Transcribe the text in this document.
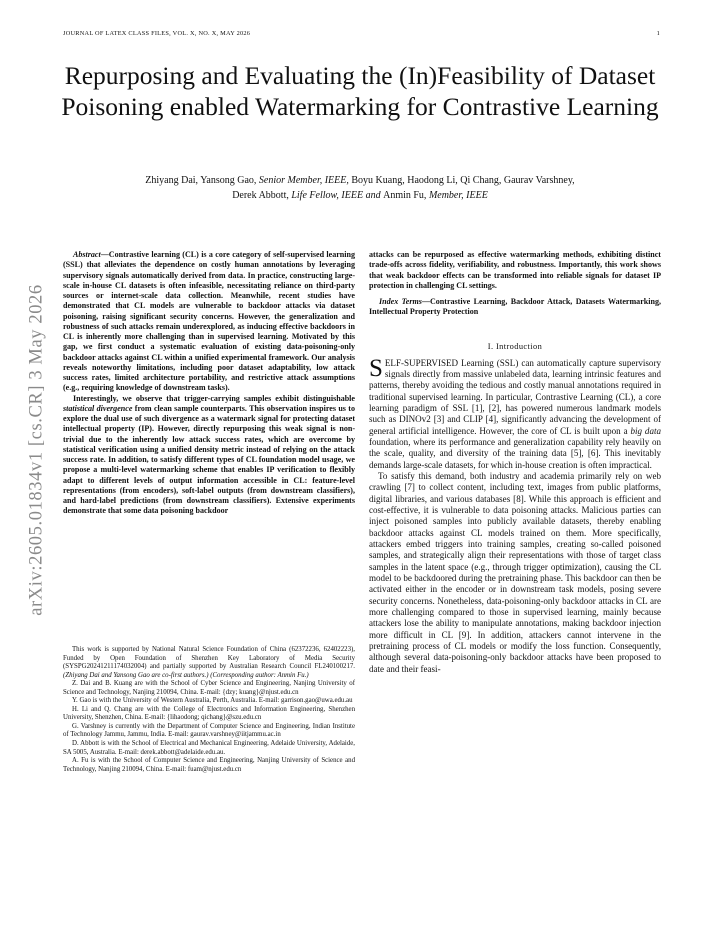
JOURNAL OF LATEX CLASS FILES, VOL. X, NO. X, MAY 2026	1
Repurposing and Evaluating the (In)Feasibility of Dataset Poisoning enabled Watermarking for Contrastive Learning
Zhiyang Dai, Yansong Gao, Senior Member, IEEE, Boyu Kuang, Haodong Li, Qi Chang, Gaurav Varshney,
Derek Abbott, Life Fellow, IEEE and Anmin Fu, Member, IEEE
arXiv:2605.01834v1 [cs.CR] 3 May 2026

Abstract—Contrastive learning (CL) is a core category of self-supervised learning (SSL) that alleviates the dependence on costly human annotations by leveraging supervisory signals automatically derived from data. In practice, constructing large-scale in-house CL datasets is often infeasible, necessitating reliance on third-party sources or internet-scale data collection. Meanwhile, recent studies have demonstrated that CL models are vulnerable to backdoor attacks via dataset poisoning, raising significant security concerns. However, the generalization and robustness of such attacks remain underexplored, as inducing effective backdoors in CL is inherently more challenging than in supervised learning. Motivated by this gap, we first conduct a systematic evaluation of existing data-poisoning-only backdoor attacks against CL within a unified experimental framework. Our analysis reveals noteworthy limitations, including poor dataset adaptability, low attack success rates, limited architecture portability, and restrictive attack assumptions (e.g., requiring knowledge of downstream tasks).

Interestingly, we observe that trigger-carrying samples exhibit distinguishable statistical divergence from clean sample counterparts. This observation inspires us to explore the dual use of such divergence as a watermark signal for protecting dataset intellectual property (IP). However, directly repurposing this weak signal is non-trivial due to the inherently low attack success rates, which are overcome by statistical verification using a unified density metric instead of relying on the attack success rate. In addition, to satisfy different types of CL foundation model usage, we propose a multi-level watermarking scheme that enables IP verification to flexibly adapt to different levels of output information accessible in CL: feature-level representations (from encoders), soft-label outputs (from downstream classifiers), and hard-label predictions (from downstream classifiers). Extensive experiments demonstrate that some data poisoning backdoor

This work is supported by National Natural Science Foundation of China (62372236, 62402223), Funded by Open Foundation of Shenzhen Key Laboratory of Media Security (SYSPG20241211174032004) and partially supported by Australian Research Council FL240100217. (Zhiyang Dai and Yansong Gao are co-first authors.) (Corresponding author: Anmin Fu.)

Z. Dai and B. Kuang are with the School of Cyber Science and Engineering, Nanjing University of Science and Technology, Nanjing 210094, China. E-mail: {dzy; kuang}@njust.edu.cn

Y. Gao is with the University of Western Australia, Perth, Australia. E-mail: garrison.gao@uwa.edu.au

H. Li and Q. Chang are with the College of Electronics and Information Engineering, Shenzhen University, Shenzhen, China. E-mail: {lihaodong; qichang}@szu.edu.cn

G. Varshney is currently with the Department of Computer Science and Engineering, Indian Institute of Technology Jammu, Jammu, India. E-mail: gaurav.varshney@iitjammu.ac.in

D. Abbott is with the School of Electrical and Mechanical Engineering, Adelaide University, Adelaide, SA 5005, Australia. E-mail: derek.abbott@adelaide.edu.au.

A. Fu is with the School of Computer Science and Engineering, Nanjing University of Science and Technology, Nanjing 210094, China. E-mail: fuam@njust.edu.cn

attacks can be repurposed as effective watermarking methods, exhibiting distinct trade-offs across fidelity, verifiability, and robustness. Importantly, this work shows that weak backdoor effects can be transformed into reliable signals for dataset IP protection in challenging CL settings.

Index Terms—Contrastive Learning, Backdoor Attack, Datasets Watermarking, Intellectual Property Protection
I. Introduction

SELF-SUPERVISED Learning (SSL) can automatically capture supervisory signals directly from massive unlabeled data, learning intrinsic features and patterns, thereby avoiding the tedious and costly manual annotations required in traditional supervised learning. In particular, Contrastive Learning (CL), a core learning paradigm of SSL [1], [2], has powered numerous landmark models such as DINOv2 [3] and CLIP [4], significantly advancing the development of general artificial intelligence. However, the core of CL is built upon a big data foundation, where its performance and generalization capability rely heavily on the scale, quality, and diversity of the training data [5], [6]. This inevitably demands large-scale datasets, for which in-house creation is often impractical.

To satisfy this demand, both industry and academia primarily rely on web crawling [7] to collect content, including text, images from public platforms, digital libraries, and various databases [8]. While this approach is efficient and cost-effective, it is vulnerable to data poisoning attacks. Malicious parties can inject poisoned samples into publicly available datasets, thereby enabling backdoor attacks against CL models trained on them. More specifically, attackers embed triggers into training samples, creating so-called poisoned samples, and strategically align their representations with those of target class samples in the latent space (e.g., through trigger optimization), causing the CL model to be backdoored during the pretraining phase. This backdoor can then be activated either in the encoder or in downstream task models, posing severe security concerns. Nonetheless, data-poisoning-only backdoor attacks in CL are more challenging compared to those in supervised learning, mainly because attackers lose the ability to manipulate annotations, making backdoor injection more difficult in CL [9]. In addition, attackers cannot intervene in the pretraining process of CL models or modify the loss function. Consequently, although several data-poisoning-only backdoor attacks have been proposed to date and their feasi-
